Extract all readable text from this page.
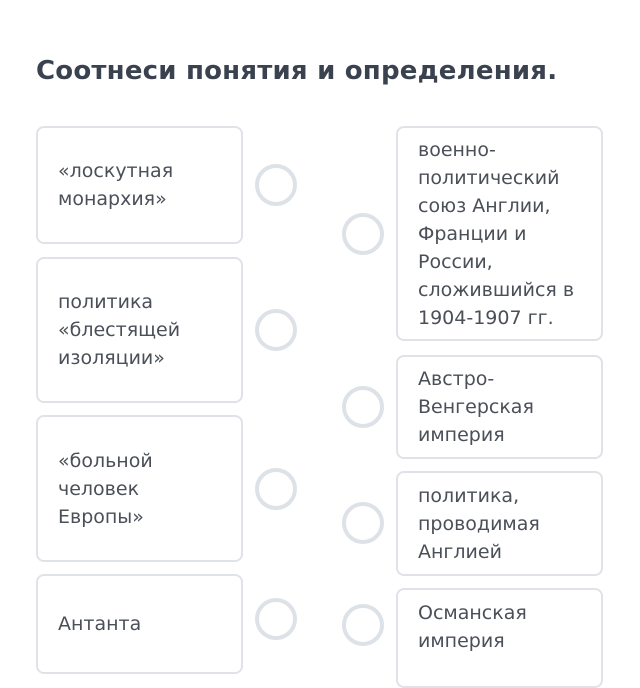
Соотнеси понятия и определения.
«лоскутная монархия»
политика «блестящей изоляции»
«больной человек Европы»
Антанта
военно-политический союз Англии, Франции и России, сложившийся в 1904-1907 гг.
Австро-Венгерская империя
политика, проводимая Англией
Османская империя
